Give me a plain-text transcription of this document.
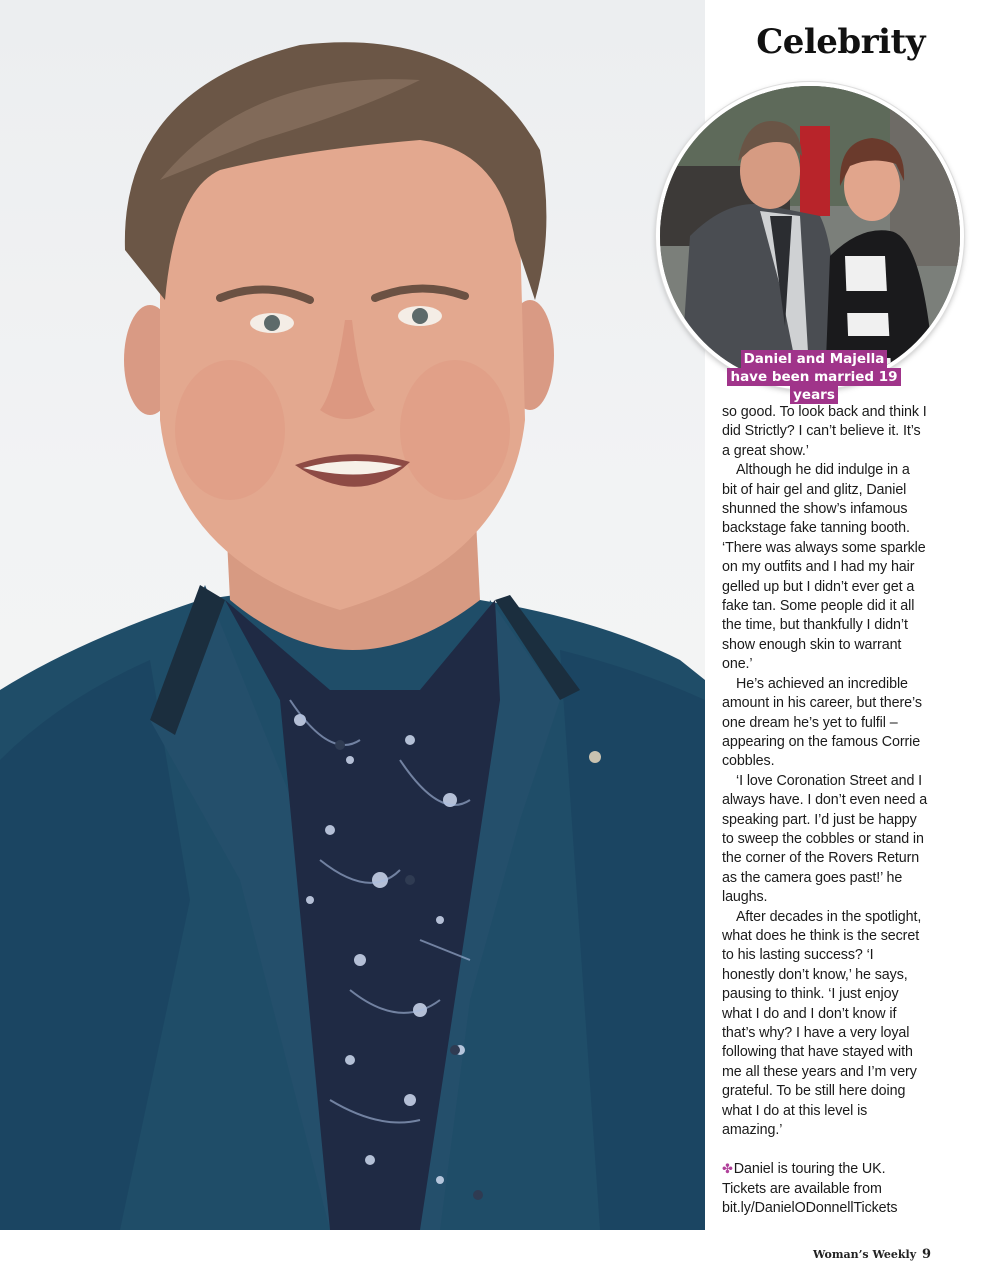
Celebrity
Daniel and Majella have been married 19 years

so good. To look back and think I did Strictly? I can’t believe it. It’s a great show.’

Although he did indulge in a bit of hair gel and glitz, Daniel shunned the show’s infamous backstage fake tanning booth. ‘There was always some sparkle on my outfits and I had my hair gelled up but I didn’t ever get a fake tan. Some people did it all the time, but thankfully I didn’t show enough skin to warrant one.’

He’s achieved an incredible amount in his career, but there’s one dream he’s yet to fulfil – appearing on the famous Corrie cobbles.

‘I love Coronation Street and I always have. I don’t even need a speaking part. I’d just be happy to sweep the cobbles or stand in the corner of the Rovers Return as the camera goes past!’ he laughs.

After decades in the spotlight, what does he think is the secret to his lasting success? ‘I honestly don’t know,’ he says, pausing to think. ‘I just enjoy what I do and I don’t know if that’s why? I have a very loyal following that have stayed with me all these years and I’m very grateful. To be still here doing what I do at this level is amazing.’

✤Daniel is touring the UK. Tickets are available from bit.ly/DanielODonnellTickets

Woman’s Weekly 9
